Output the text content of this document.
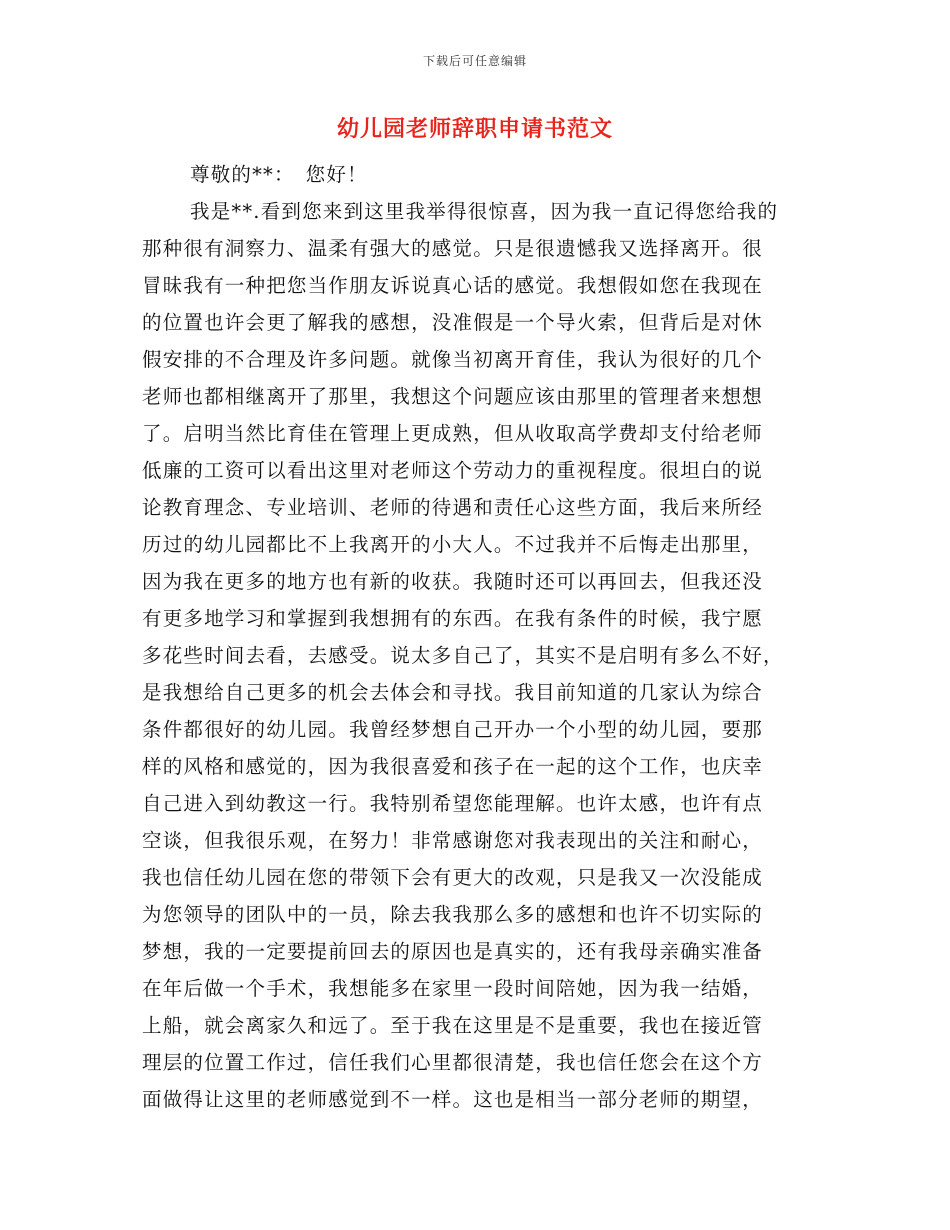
下载后可任意编辑
幼儿园老师辞职申请书范文
尊敬的**：　您好！
我是**.看到您来到这里我举得很惊喜，因为我一直记得您给我的
那种很有洞察力、温柔有强大的感觉。只是很遗憾我又选择离开。很
冒昧我有一种把您当作朋友诉说真心话的感觉。我想假如您在我现在
的位置也许会更了解我的感想，没准假是一个导火索，但背后是对休
假安排的不合理及许多问题。就像当初离开育佳，我认为很好的几个
老师也都相继离开了那里，我想这个问题应该由那里的管理者来想想
了。启明当然比育佳在管理上更成熟，但从收取高学费却支付给老师
低廉的工资可以看出这里对老师这个劳动力的重视程度。很坦白的说
论教育理念、专业培训、老师的待遇和责任心这些方面，我后来所经
历过的幼儿园都比不上我离开的小大人。不过我并不后悔走出那里，
因为我在更多的地方也有新的收获。我随时还可以再回去，但我还没
有更多地学习和掌握到我想拥有的东西。在我有条件的时候，我宁愿
多花些时间去看，去感受。说太多自己了，其实不是启明有多么不好，
是我想给自己更多的机会去体会和寻找。我目前知道的几家认为综合
条件都很好的幼儿园。我曾经梦想自己开办一个小型的幼儿园，要那
样的风格和感觉的，因为我很喜爱和孩子在一起的这个工作，也庆幸
自己进入到幼教这一行。我特别希望您能理解。也许太感，也许有点
空谈，但我很乐观，在努力！非常感谢您对我表现出的关注和耐心，
我也信任幼儿园在您的带领下会有更大的改观，只是我又一次没能成
为您领导的团队中的一员，除去我我那么多的感想和也许不切实际的
梦想，我的一定要提前回去的原因也是真实的，还有我母亲确实准备
在年后做一个手术，我想能多在家里一段时间陪她，因为我一结婚，
上船，就会离家久和远了。至于我在这里是不是重要，我也在接近管
理层的位置工作过，信任我们心里都很清楚，我也信任您会在这个方
面做得让这里的老师感觉到不一样。这也是相当一部分老师的期望，
